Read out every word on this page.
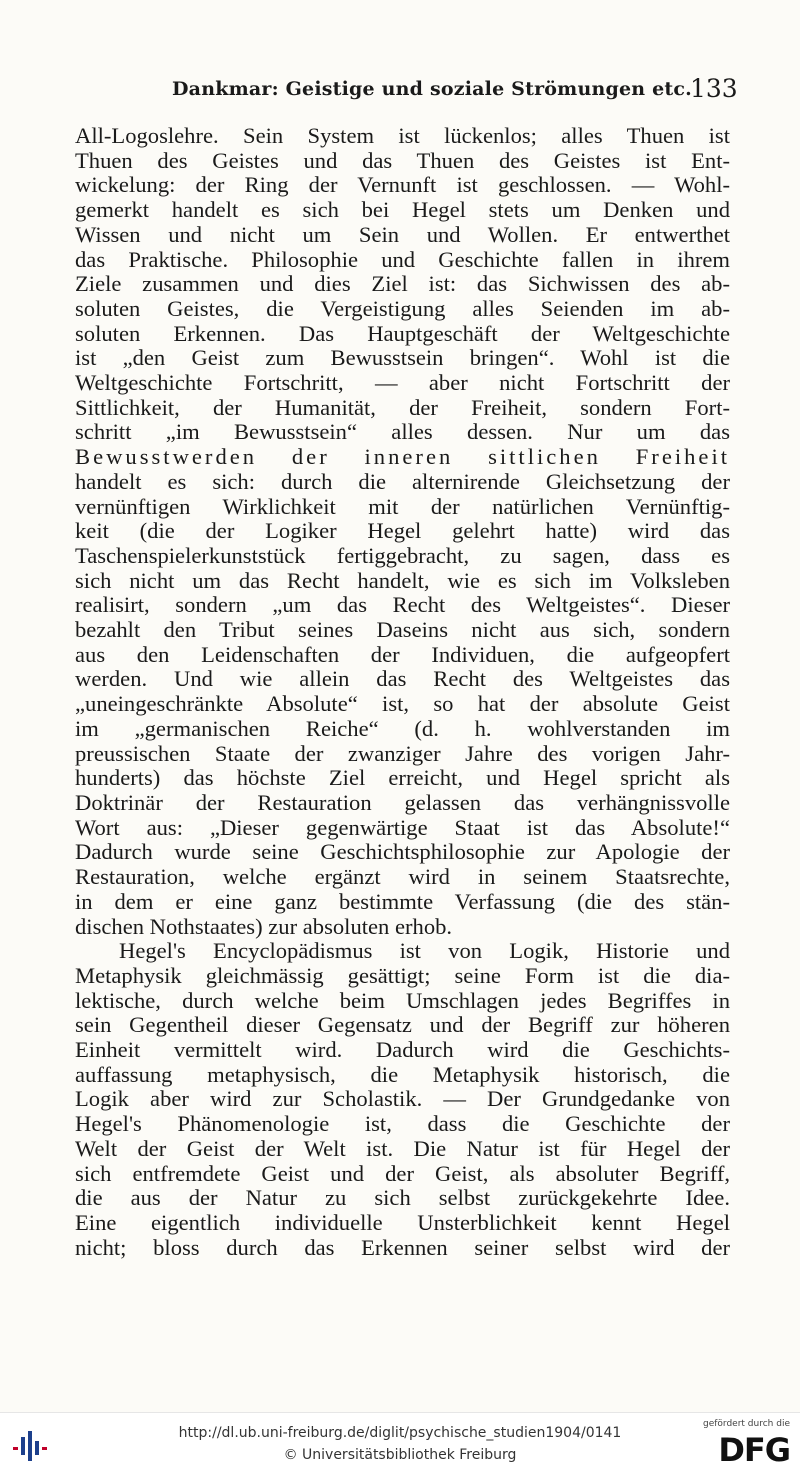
Dankmar: Geistige und soziale Strömungen etc.
133
All-Logoslehre. Sein System ist lückenlos; alles Thuen ist
Thuen des Geistes und das Thuen des Geistes ist Ent-
wickelung: der Ring der Vernunft ist geschlossen. — Wohl-
gemerkt handelt es sich bei Hegel stets um Denken und
Wissen und nicht um Sein und Wollen. Er entwerthet
das Praktische. Philosophie und Geschichte fallen in ihrem
Ziele zusammen und dies Ziel ist: das Sichwissen des ab-
soluten Geistes, die Vergeistigung alles Seienden im ab-
soluten Erkennen. Das Hauptgeschäft der Weltgeschichte
ist „den Geist zum Bewusstsein bringen“. Wohl ist die
Weltgeschichte Fortschritt, — aber nicht Fortschritt der
Sittlichkeit, der Humanität, der Freiheit, sondern Fort-
schritt „im Bewusstsein“ alles dessen. Nur um das
Bewusstwerden der inneren sittlichen Freiheit
handelt es sich: durch die alternirende Gleichsetzung der
vernünftigen Wirklichkeit mit der natürlichen Vernünftig-
keit (die der Logiker Hegel gelehrt hatte) wird das
Taschenspielerkunststück fertiggebracht, zu sagen, dass es
sich nicht um das Recht handelt, wie es sich im Volksleben
realisirt, sondern „um das Recht des Weltgeistes“. Dieser
bezahlt den Tribut seines Daseins nicht aus sich, sondern
aus den Leidenschaften der Individuen, die aufgeopfert
werden. Und wie allein das Recht des Weltgeistes das
„uneingeschränkte Absolute“ ist, so hat der absolute Geist
im „germanischen Reiche“ (d. h. wohlverstanden im
preussischen Staate der zwanziger Jahre des vorigen Jahr-
hunderts) das höchste Ziel erreicht, und Hegel spricht als
Doktrinär der Restauration gelassen das verhängnissvolle
Wort aus: „Dieser gegenwärtige Staat ist das Absolute!“
Dadurch wurde seine Geschichtsphilosophie zur Apologie der
Restauration, welche ergänzt wird in seinem Staatsrechte,
in dem er eine ganz bestimmte Verfassung (die des stän-
dischen Nothstaates) zur absoluten erhob.
Hegel's Encyclopädismus ist von Logik, Historie und
Metaphysik gleichmässig gesättigt; seine Form ist die dia-
lektische, durch welche beim Umschlagen jedes Begriffes in
sein Gegentheil dieser Gegensatz und der Begriff zur höheren
Einheit vermittelt wird. Dadurch wird die Geschichts-
auffassung metaphysisch, die Metaphysik historisch, die
Logik aber wird zur Scholastik. — Der Grundgedanke von
Hegel's Phänomenologie ist, dass die Geschichte der
Welt der Geist der Welt ist. Die Natur ist für Hegel der
sich entfremdete Geist und der Geist, als absoluter Begriff,
die aus der Natur zu sich selbst zurückgekehrte Idee.
Eine eigentlich individuelle Unsterblichkeit kennt Hegel
nicht; bloss durch das Erkennen seiner selbst wird der
http://dl.ub.uni-freiburg.de/diglit/psychische_studien1904/0141
© Universitätsbibliothek Freiburg
gefördert durch die
DFG
